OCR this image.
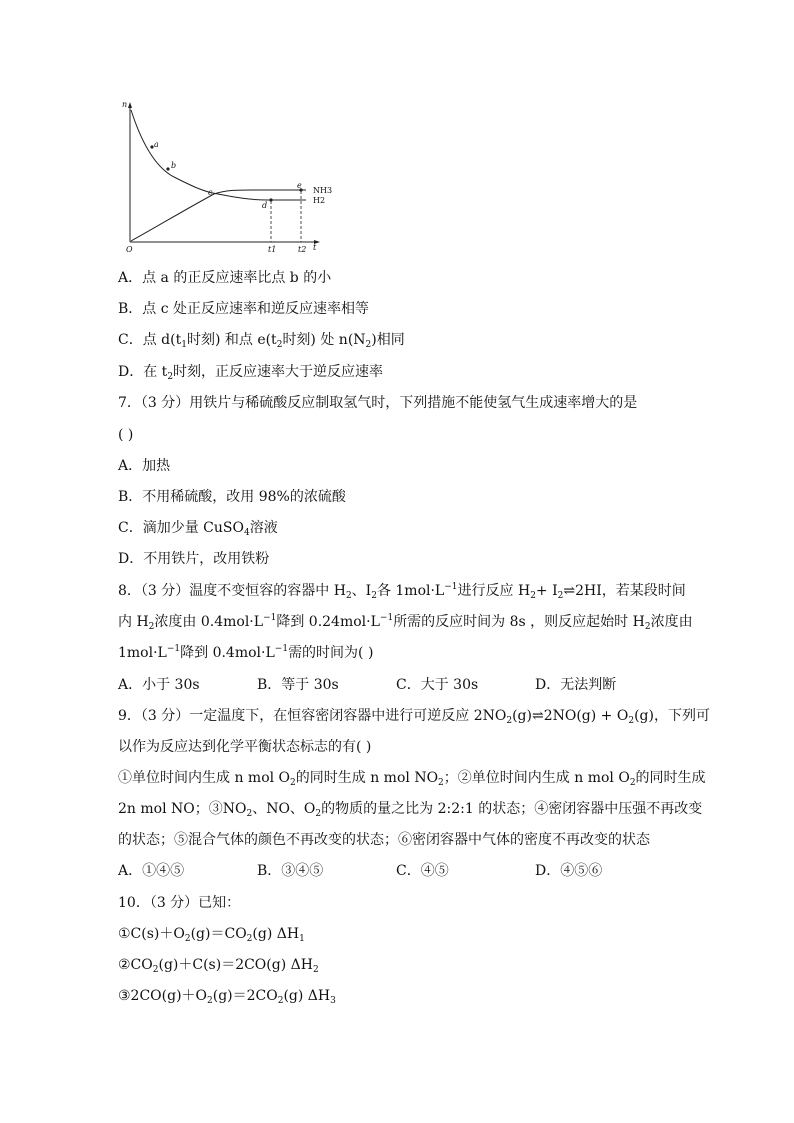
n
t
O
a
b
c
d
e
NH3
H2
t1	t2
A．点 a 的正反应速率比点 b 的小
B．点 c 处正反应速率和逆反应速率相等
C．点 $d(t_1$时刻) 和点 $e(t_2$时刻) 处 $n(N_2)$相同
D．在 $t_2$时刻，正反应速率大于逆反应速率
7．（3 分）用铁片与稀硫酸反应制取氢气时，下列措施不能使氢气生成速率增大的是
( )
A．加热
B．不用稀硫酸，改用 98%的浓硫酸
C．滴加少量 CuSO$_4$溶液
D．不用铁片，改用铁粉
8．（3 分）温度不变恒容的容器中 $H_2$、$I_2$各 $1mol\cdot L^{-1}$进行反应 $H_2+$ $I_2\rightleftharpoons 2HI$，若某段时间
内 $H_2$浓度由 $0.4mol\cdot L^{-1}$降到 $0.24mol\cdot L^{-1}$所需的反应时间为 8s ，则反应起始时 $H_2$浓度由
$1mol\cdot L^{-1}$降到 $0.4mol\cdot L^{-1}$需的时间为( )
A．小于 30s	B．等于 30s	C．大于 30s	D．无法判断
9．（3 分）一定温度下，在恒容密闭容器中进行可逆反应 $2NO_2(g)\rightleftharpoons 2NO(g) + O_2(g)$，下列可
以作为反应达到化学平衡状态标志的有( )
①单位时间内生成 n mol $O_2$的同时生成 n mol $NO_2$；②单位时间内生成 n mol $O_2$的同时生成
2n mol NO；$③NO_2$、NO、$O_2$的物质的量之比为 2:2:1 的状态；④密闭容器中压强不再改变
的状态；⑤混合气体的颜色不再改变的状态；⑥密闭容器中气体的密度不再改变的状态
A．①④⑤	B．③④⑤	C．④⑤	D．④⑤⑥
10．（3 分）已知：
$①C(s)+O_2(g)=CO_2(g)$ $\Delta H_1$
$②CO_2(g)+C(s)=2CO(g)$ $\Delta H_2$
$③2CO(g)+O_2(g)=2CO_2(g)$ $\Delta H_3$
